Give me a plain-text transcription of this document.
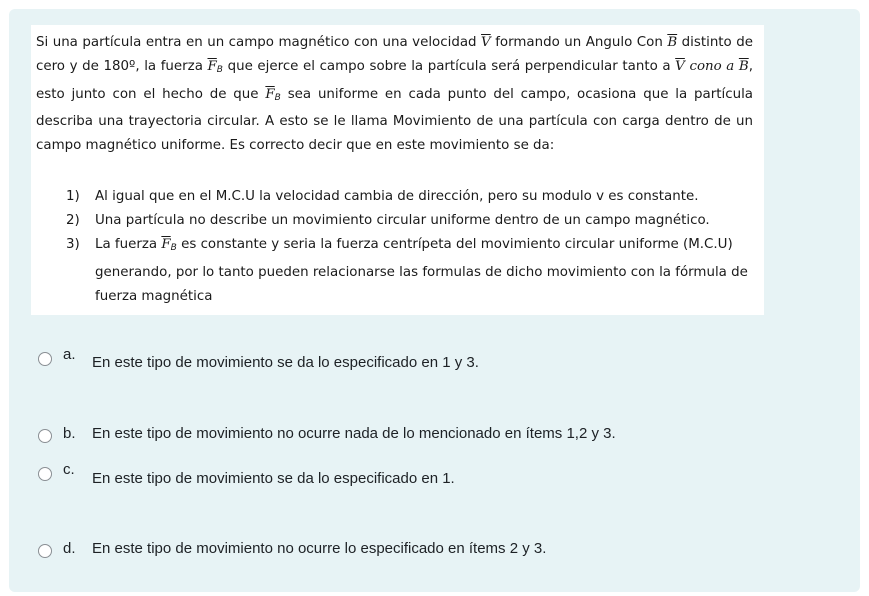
Si una partícula entra en un campo magnético con una velocidad $\overline{V}$ formando un Angulo Con $\overline{B}$ distinto de cero y de 180º, la fuerza $\overline{F}_B$ que ejerce el campo sobre la partícula será perpendicular tanto a $\overline{V}$ cono a $\overline{B}$, esto junto con el hecho de que $\overline{F}_B$ sea uniforme en cada punto del campo, ocasiona que la partícula describa una trayectoria circular. A esto se le llama Movimiento de una partícula con carga dentro de un campo magnético uniforme. Es correcto decir que en este movimiento se da:

1)	Al igual que en el M.C.U la velocidad cambia de dirección, pero su modulo v es constante.
2)	Una partícula no describe un movimiento circular uniforme dentro de un campo magnético.
3)	La fuerza $\overline{F}_B$ es constante y seria la fuerza centrípeta del movimiento circular uniforme (M.C.U) generando, por lo tanto pueden relacionarse las formulas de dicho movimiento con la fórmula de fuerza magnética
a. En este tipo de movimiento se da lo especificado en 1 y 3.
b. En este tipo de movimiento no ocurre nada de lo mencionado en ítems 1,2 y 3.
c.
En este tipo de movimiento se da lo especificado en 1.
d. En este tipo de movimiento no ocurre lo especificado en ítems 2 y 3.
